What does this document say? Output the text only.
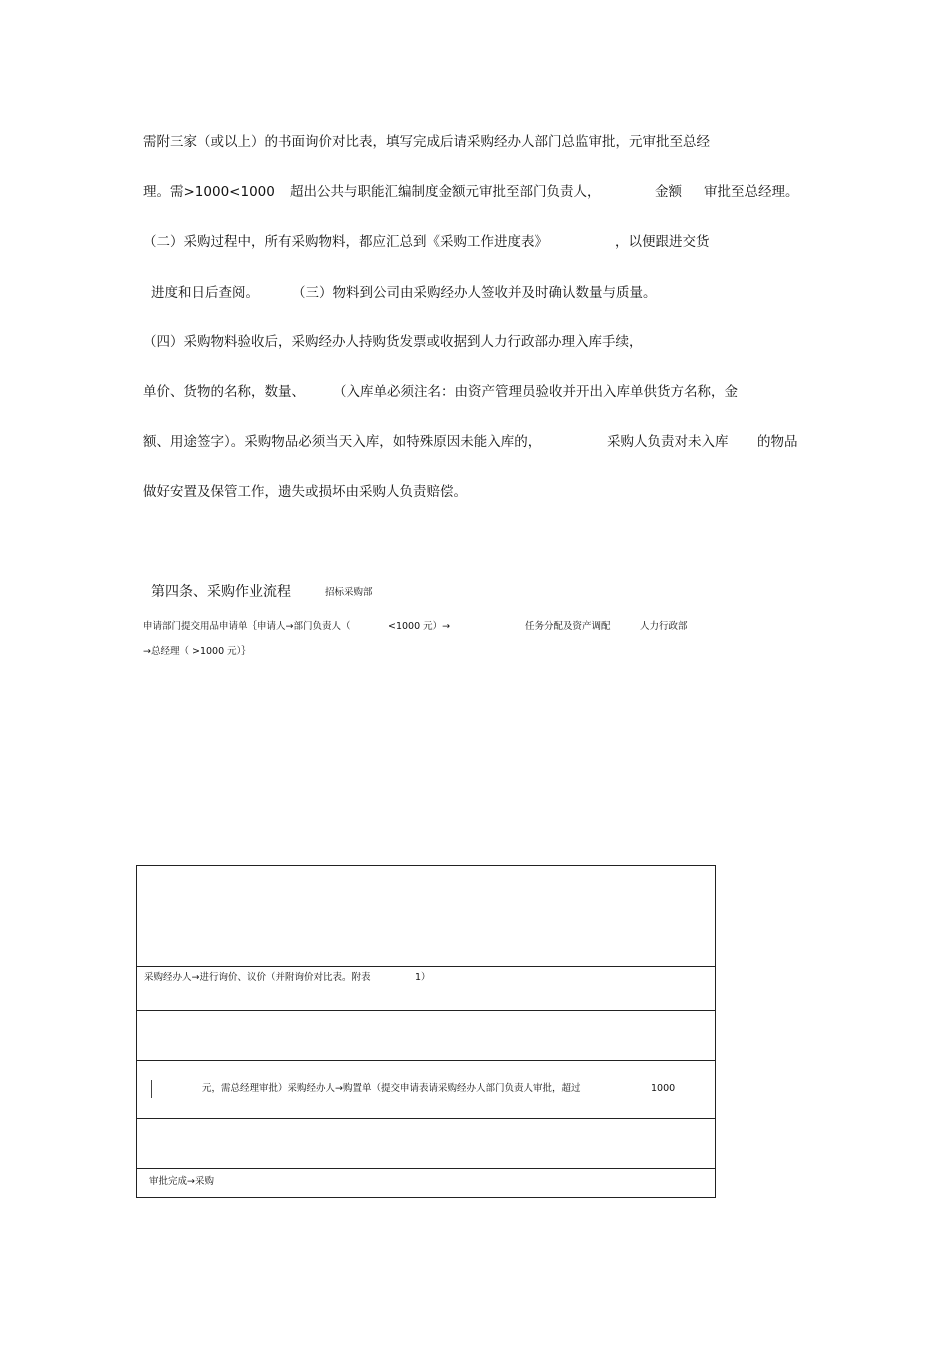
需附三家（或以上）的书面询价对比表，填写完成后请采购经办人部门总监审批，元审批至总经
理。需>1000<1000 超出公共与职能汇编制度金额元审批至部门负责人，	金额 审批至总经理。
（二）采购过程中，所有采购物料，都应汇总到《采购工作进度表》	，以便跟进交货
进度和日后查阅。 （三）物料到公司由采购经办人签收并及时确认数量与质量。
（四）采购物料验收后，采购经办人持购货发票或收据到人力行政部办理入库手续，
单价、货物的名称，数量、 （入库单必须注名：由资产管理员验收并开出入库单供货方名称，金
额、用途签字）。采购物品必须当天入库，如特殊原因未能入库的，	采购人负责对未入库 的物品
做好安置及保管工作，遗失或损坏由采购人负责赔偿。
第四条、采购作业流程	招标采购部
申请部门提交用品申请单｛申请人→部门负责人（	<1000 元）→	任务分配及资产调配	人力行政部
→总经理（ >1000 元）｝
采购经办人→进行询价、议价（并附询价对比表。附表	1）
元，需总经理审批）采购经办人→购置单（提交申请表请采购经办人部门负责人审批，超过	1000
审批完成→采购
